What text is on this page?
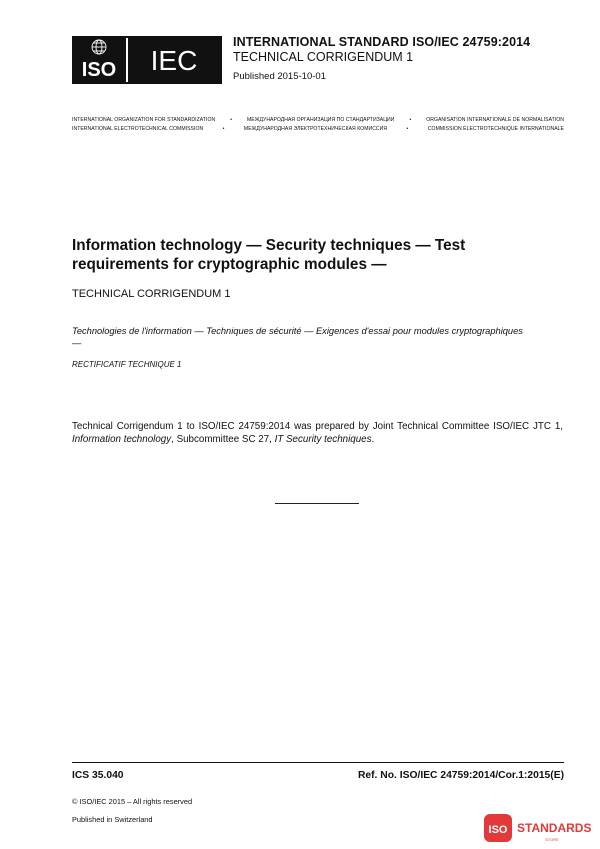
ISO IEC
INTERNATIONAL STANDARD ISO/IEC 24759:2014
TECHNICAL CORRIGENDUM 1
Published 2015-10-01
INTERNATIONAL ORGANIZATION FOR STANDARDIZATION	•	МЕЖДУНАРОДНАЯ ОРГАНИЗАЦИЯ ПО СТАНДАРТИЗАЦИИ	•	ORGANISATION INTERNATIONALE DE NORMALISATION
INTERNATIONAL ELECTROTECHNICAL COMMISSION	•	МЕЖДУНАРОДНАЯ ЭЛЕКТРОТЕХНИЧЕСКАЯ КОМИССИЯ	•	COMMISSION ÉLECTROTECHNIQUE INTERNATIONALE
Information technology — Security techniques — Test requirements for cryptographic modules —
TECHNICAL CORRIGENDUM 1
Technologies de l'information — Techniques de sécurité — Exigences d'essai pour modules cryptographiques —
RECTIFICATIF TECHNIQUE 1
Technical Corrigendum 1 to ISO/IEC 24759:2014 was prepared by Joint Technical Committee ISO/IEC JTC 1, Information technology, Subcommittee SC 27, IT Security techniques.
ICS 35.040	Ref. No. ISO/IEC 24759:2014/Cor.1:2015(E)
© ISO/IEC 2015 – All rights reserved
Published in Switzerland
ISO STANDARDS
STORE
